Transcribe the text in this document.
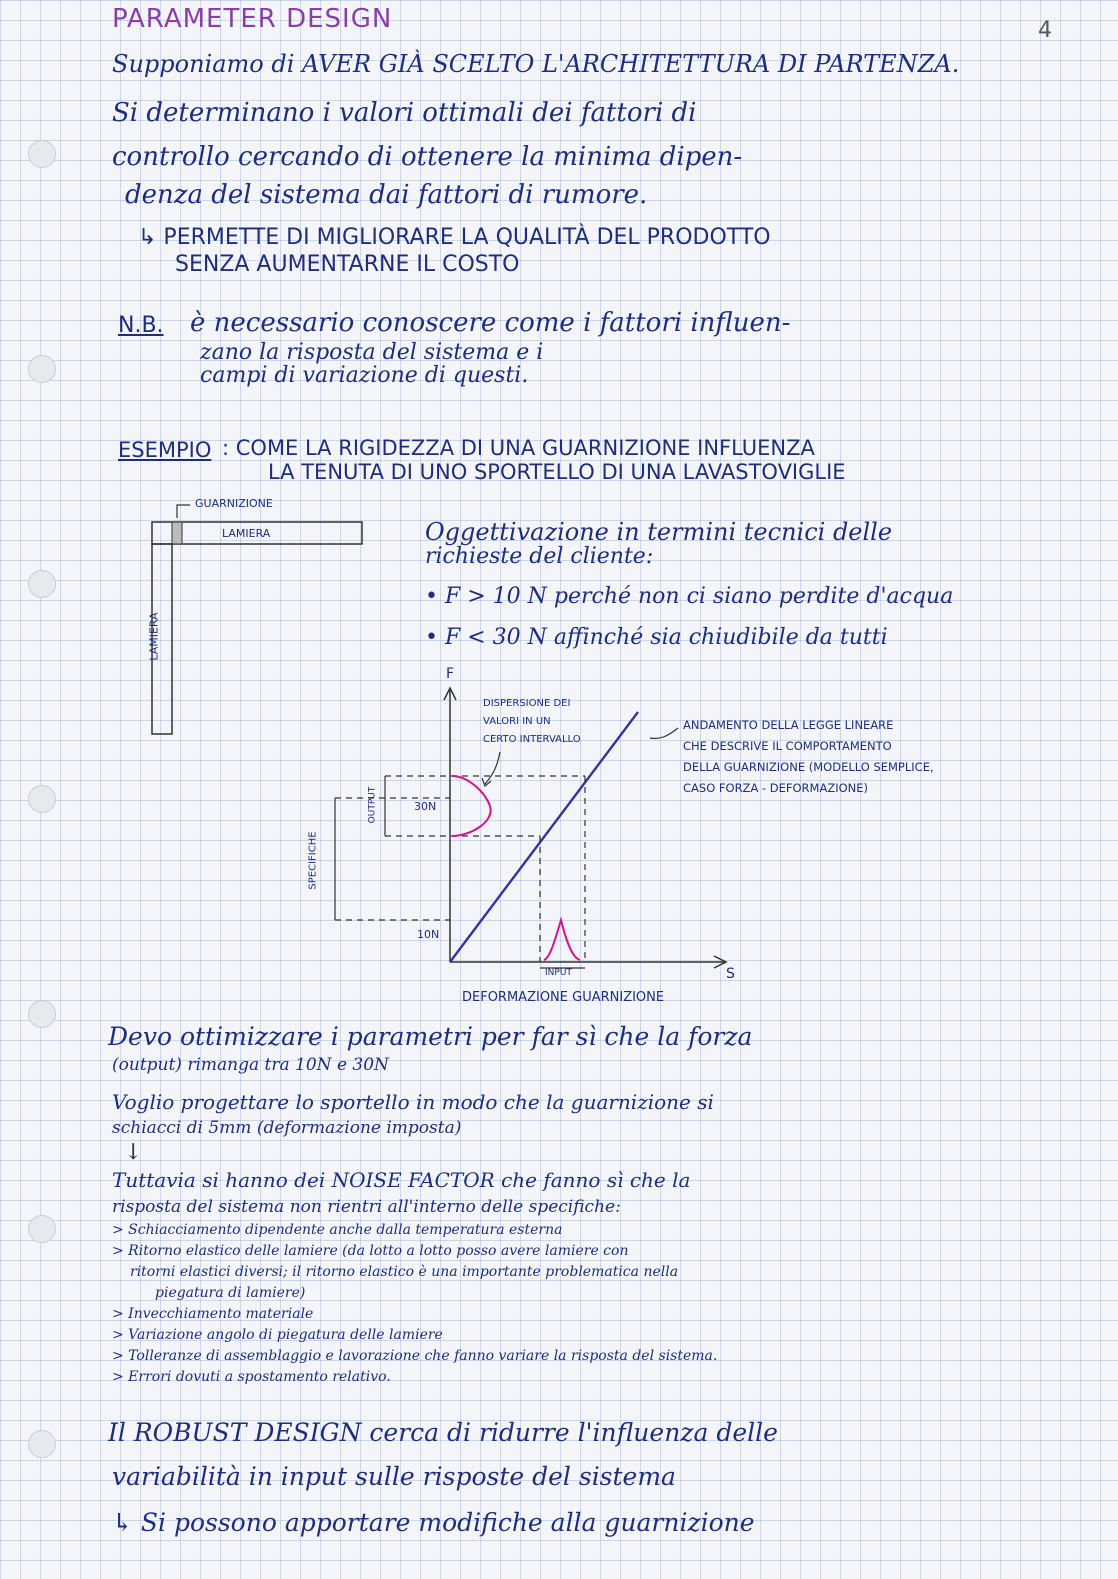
PARAMETER DESIGN	4
Supponiamo di AVER GIÀ SCELTO L'ARCHITETTURA DI PARTENZA.
Si determinano i valori ottimali dei fattori di
controllo cercando di ottenere la minima dipen-
denza del sistema dai fattori di rumore.
↳ PERMETTE DI MIGLIORARE LA QUALITÀ DEL PRODOTTO
SENZA AUMENTARNE IL COSTO
N.B. è necessario conoscere come i fattori influen-
zano la risposta del sistema e i
campi di variazione di questi.
ESEMPIO : COME LA RIGIDEZZA DI UNA GUARNIZIONE INFLUENZA
LA TENUTA DI UNO SPORTELLO DI UNA LAVASTOVIGLIE
GUARNIZIONE
LAMIERA
LAMIERA
Oggettivazione in termini tecnici delle
richieste del cliente:
• F > 10 N perché non ci siano perdite d'acqua
• F < 30 N affinché sia chiudibile da tutti
F
S
DEFORMAZIONE GUARNIZIONE
30N
10N
OUTPUT
SPECIFICHE
INPUT
DISPERSIONE DEI
VALORI IN UN
CERTO INTERVALLO
ANDAMENTO DELLA LEGGE LINEARE
CHE DESCRIVE IL COMPORTAMENTO
DELLA GUARNIZIONE (MODELLO SEMPLICE,
CASO FORZA - DEFORMAZIONE)
Devo ottimizzare i parametri per far sì che la forza
(output) rimanga tra 10N e 30N
Voglio progettare lo sportello in modo che la guarnizione si
schiacci di 5mm (deformazione imposta)
↓
Tuttavia si hanno dei NOISE FACTOR che fanno sì che la
risposta del sistema non rientri all'interno delle specifiche:
> Schiacciamento dipendente anche dalla temperatura esterna
> Ritorno elastico delle lamiere (da lotto a lotto posso avere lamiere con
ritorni elastici diversi; il ritorno elastico è una importante problematica nella
piegatura di lamiere)
> Invecchiamento materiale
> Variazione angolo di piegatura delle lamiere
> Tolleranze di assemblaggio e lavorazione che fanno variare la risposta del sistema.
> Errori dovuti a spostamento relativo.
Il ROBUST DESIGN cerca di ridurre l'influenza delle
variabilità in input sulle risposte del sistema
↳ Si possono apportare modifiche alla guarnizione
